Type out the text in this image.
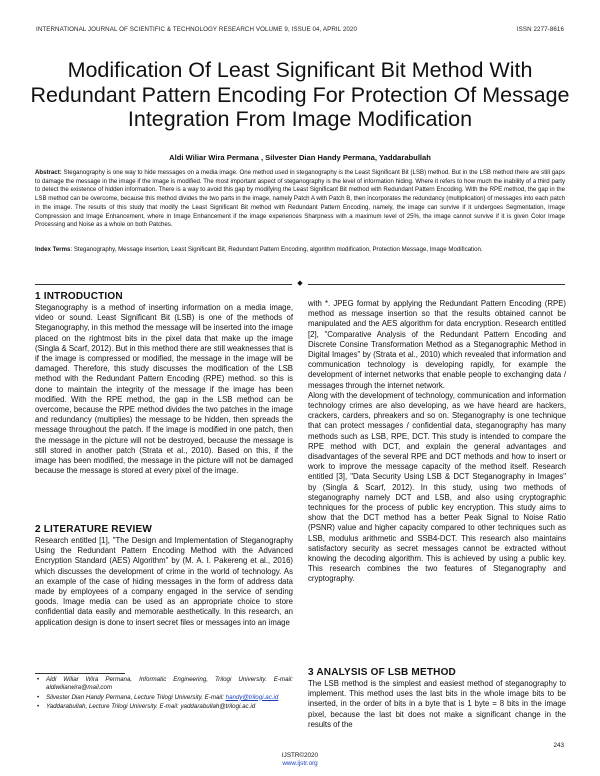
INTERNATIONAL JOURNAL OF SCIENTIFIC & TECHNOLOGY RESEARCH VOLUME 9, ISSUE 04, APRIL 2020	ISSN 2277-8616
Modification Of Least Significant Bit Method With Redundant Pattern Encoding For Protection Of Message Integration From Image Modification
Aldi Wiliar Wira Permana , Silvester Dian Handy Permana, Yaddarabullah
Abstract: Steganography is one way to hide messages on a media image. One method used in steganography is the Least Significant Bit (LSB) method. But in the LSB method there are still gaps to damage the message in the image if the image is modified. The most important aspect of steganography is the level of information hiding. Where it refers to how much the inability of a third party to detect the existence of hidden information. There is a way to avoid this gap by modifying the Least Significant Bit method with Redundant Pattern Encoding. With the RPE method, the gap in the LSB method can be overcome, because this method divides the two parts in the image, namely Patch A with Patch B, then incorporates the redundancy (multiplication) of messages into each patch in the image. The results of this study that modify the Least Significant Bit method with Redundant Pattern Encoding, namely, the image can survive if it undergoes Segmentation, Image Compression and Image Enhancement, where in Image Enhancement if the image experiences Sharpness with a maximum level of 25%, the image cannot survive if it is given Color Image Processing and Noise as a whole on both Patches.
Index Terms: Steganography, Message Insertion, Least Significant Bit, Redundant Pattern Encoding, algorithm modification, Protection Message, Image Modification.
◆
1 INTRODUCTION
Steganography is a method of inserting information on a media image, video or sound. Least Significant Bit (LSB) is one of the methods of Steganography, in this method the message will be inserted into the image placed on the rightmost bits in the pixel data that make up the image (Singla & Scarf, 2012). But in this method there are still weaknesses that is if the image is compressed or modified, the message in the image will be damaged. Therefore, this study discusses the modification of the LSB method with the Redundant Pattern Encoding (RPE) method. so this is done to maintain the integrity of the message if the image has been modified. With the RPE method, the gap in the LSB method can be overcome, because the RPE method divides the two patches in the image and redundancy (multiplies) the message to be hidden, then spreads the message throughout the patch. If the image is modified in one patch, then the message in the picture will not be destroyed, because the message is still stored in another patch (Strata et al., 2010). Based on this, if the image has been modified, the message in the picture will not be damaged because the message is stored at every pixel of the image.
2 LITERATURE REVIEW
Research entitled [1], "The Design and Implementation of Steganography Using the Redundant Pattern Encoding Method with the Advanced Encryption Standard (AES) Algorithm" by (M. A. I. Pakereng et al., 2016) which discusses the development of crime in the world of technology. As an example of the case of hiding messages in the form of address data made by employees of a company engaged in the service of sending goods. Image media can be used as an appropriate choice to store confidential data easily and memorable aesthetically. In this research, an application design is done to insert secret files or messages into an image
• Aldi Wiliar Wira Permana, Informatic Engineering, Trilogi University. E-mail: aldiwiliarwira@mail.com
• Silvester Dian Handy Permana, Lecture Trilogi University. E-mail: handy@trilogi.ac.id
• Yaddarabullah, Lecture Trilogi University. E-mail: yaddarabullah@trilogi.ac.id

with *. JPEG format by applying the Redundant Pattern Encoding (RPE) method as message insertion so that the results obtained cannot be manipulated and the AES algorithm for data encryption. Research entitled [2], "Comparative Analysis of the Redundant Pattern Encoding and Discrete Consine Transformation Method as a Steganographic Method in Digital Images" by (Strata et al., 2010) which revealed that information and communication technology is developing rapidly, for example the development of internet networks that enable people to exchanging data / messages through the internet network.

Along with the development of technology, communication and information technology crimes are also developing, as we have heard are hackers, crackers, carders, phreakers and so on. Steganography is one technique that can protect messages / confidential data, steganography has many methods such as LSB, RPE, DCT. This study is intended to compare the RPE method with DCT, and explain the general advantages and disadvantages of the several RPE and DCT methods and how to insert or work to improve the message capacity of the method itself. Research entitled [3], "Data Security Using LSB & DCT Steganography in Images" by (Singla & Scarf, 2012). In this study, using two methods of steganography namely DCT and LSB, and also using cryptographic techniques for the process of public key encryption. This study aims to show that the DCT method has a better Peak Signal to Noise Ratio (PSNR) value and higher capacity compared to other techniques such as LSB, modulus arithmetic and SSB4-DCT. This research also maintains satisfactory security as secret messages cannot be extracted without knowing the decoding algorithm. This is achieved by using a public key. This research combines the two features of Steganography and cryptography.

3 ANALYSIS OF LSB METHOD
The LSB method is the simplest and easiest method of steganography to implement. This method uses the last bits in the whole image bits to be inserted, in the order of bits in a byte that is 1 byte = 8 bits in the image pixel, because the last bit does not make a significant change in the results of the
243
IJSTR©2020
www.ijstr.org
